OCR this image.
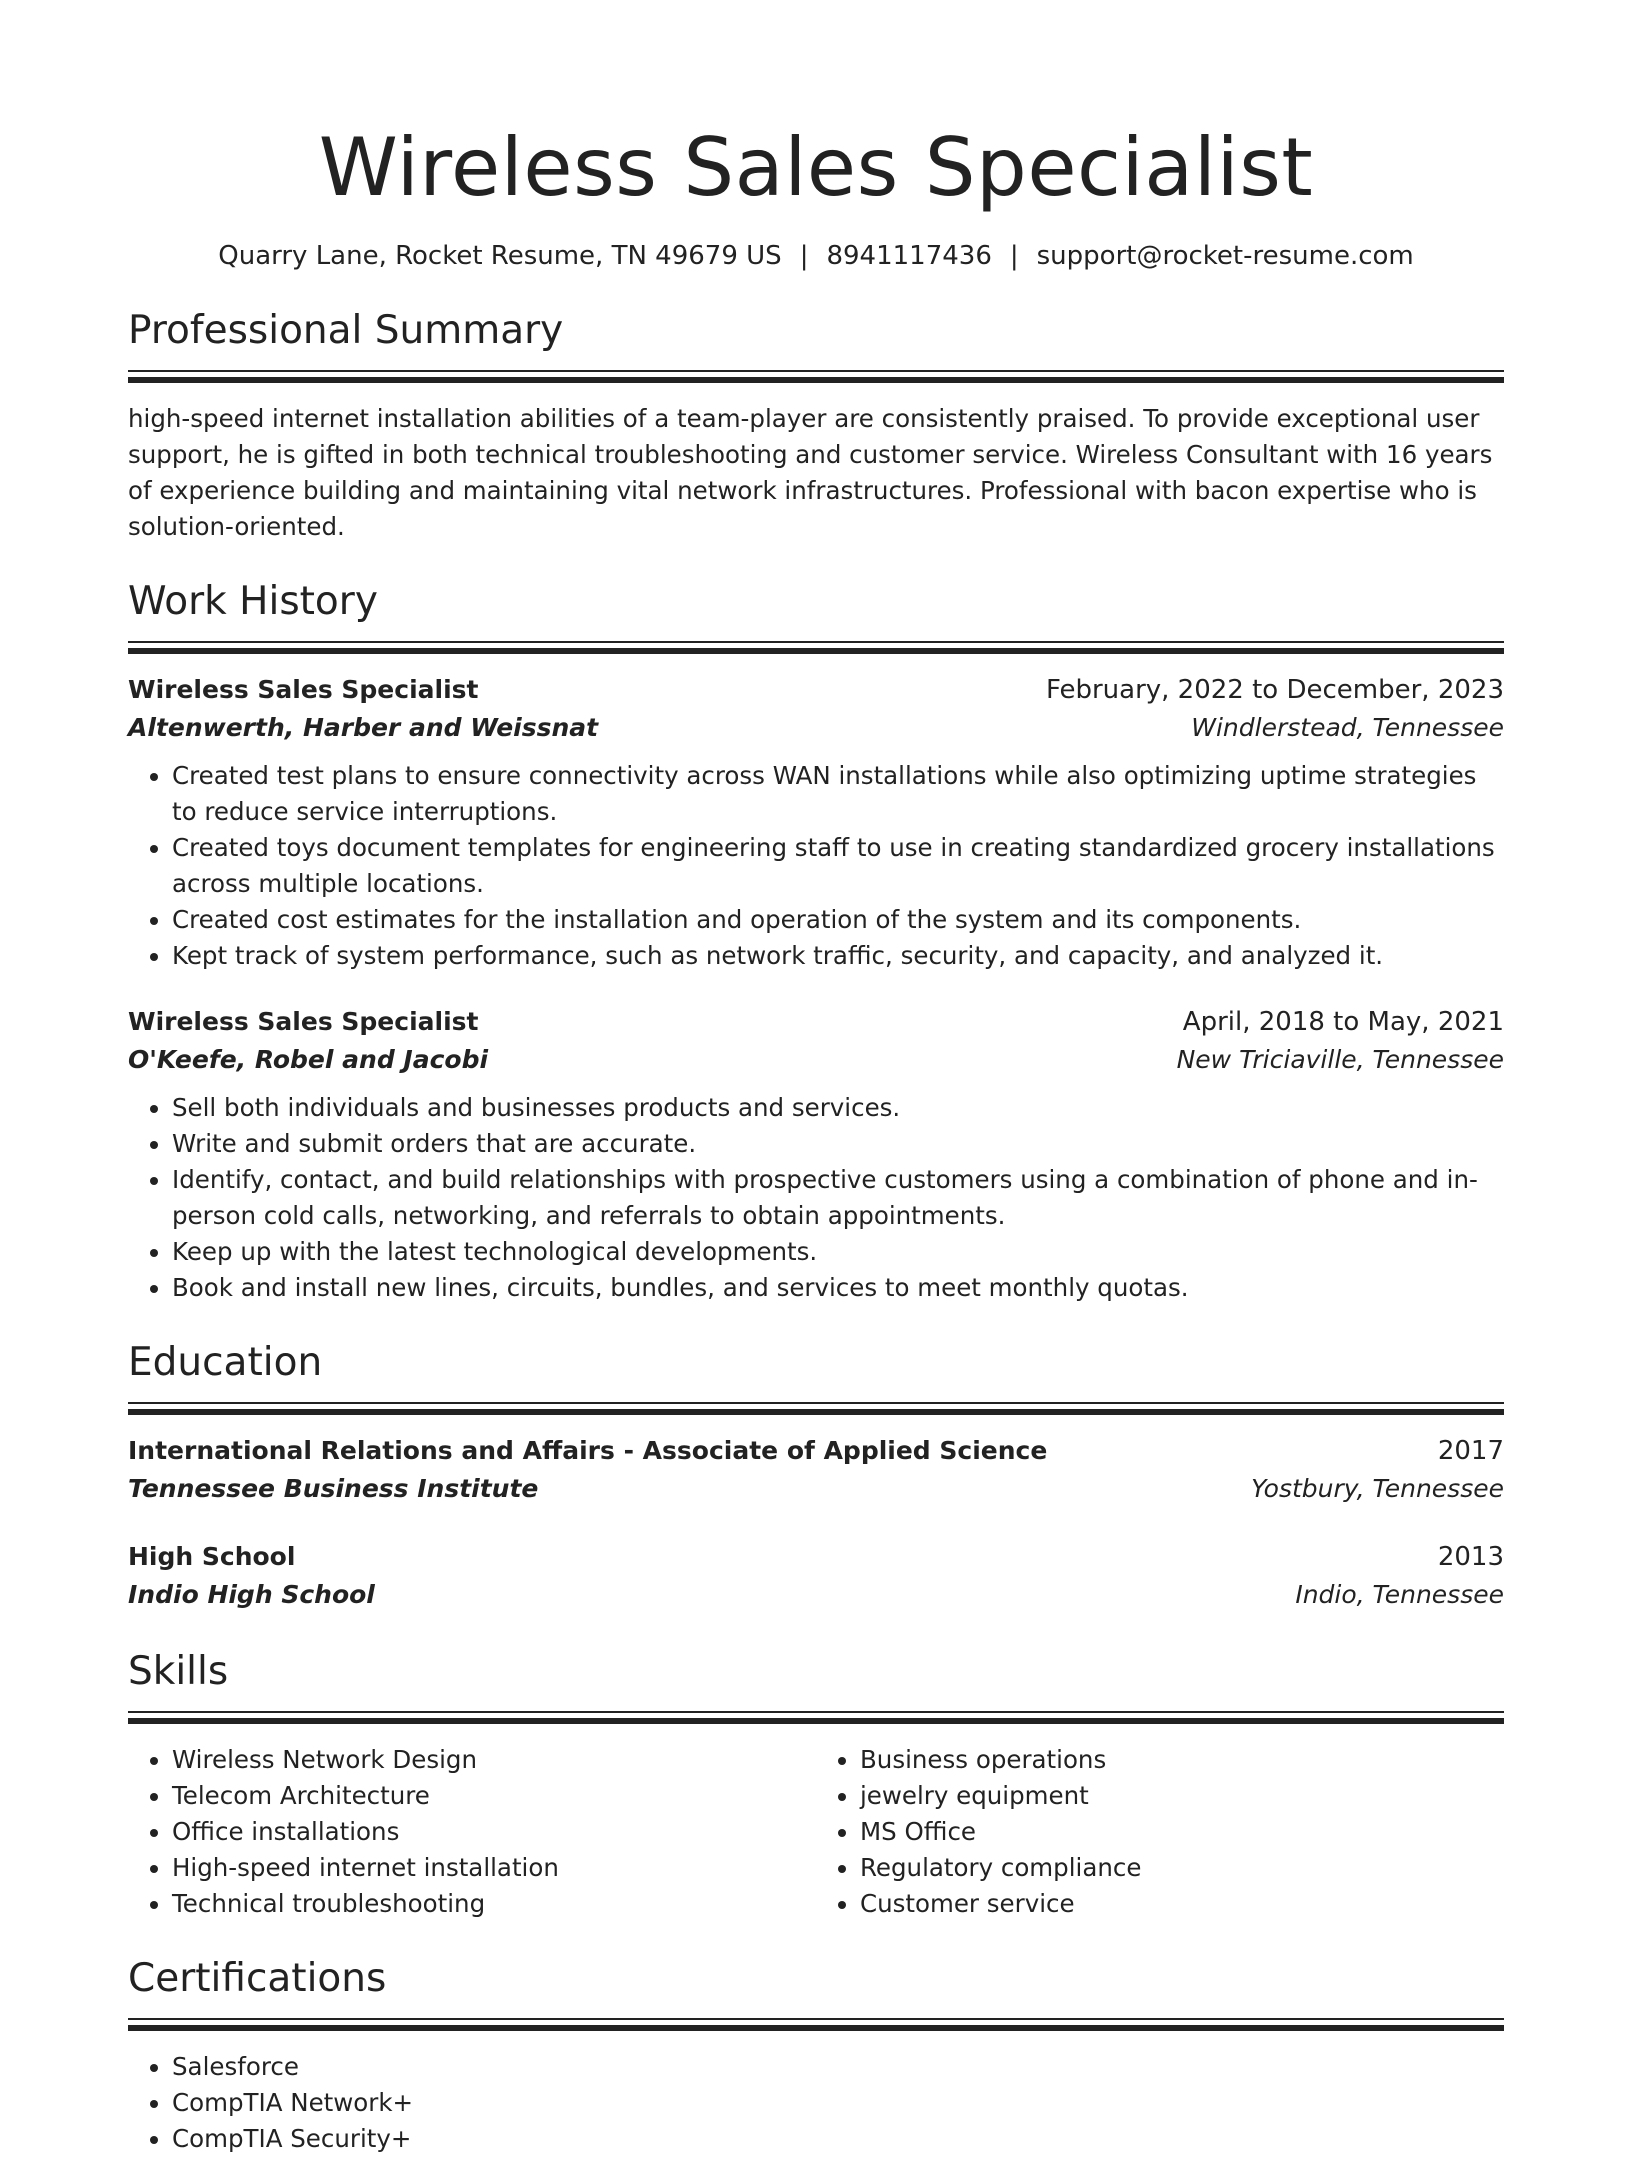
Wireless Sales Specialist
Quarry Lane, Rocket Resume, TN 49679 US | 8941117436 | support@rocket-resume.com
Professional Summary

high-speed internet installation abilities of a team-player are consistently praised. To provide exceptional user support, he is gifted in both technical troubleshooting and customer service. Wireless Consultant with 16 years of experience building and maintaining vital network infrastructures. Professional with bacon expertise who is solution-oriented.

Work History
Wireless Sales Specialist	February, 2022 to December, 2023
Altenwerth, Harber and Weissnat	Windlerstead, Tennessee
• Created test plans to ensure connectivity across WAN installations while also optimizing uptime strategies to reduce service interruptions.
• Created toys document templates for engineering staff to use in creating standardized grocery installations across multiple locations.
• Created cost estimates for the installation and operation of the system and its components.
• Kept track of system performance, such as network traffic, security, and capacity, and analyzed it.
Wireless Sales Specialist	April, 2018 to May, 2021
O'Keefe, Robel and Jacobi	New Triciaville, Tennessee
• Sell both individuals and businesses products and services.
• Write and submit orders that are accurate.
• Identify, contact, and build relationships with prospective customers using a combination of phone and in-person cold calls, networking, and referrals to obtain appointments.
• Keep up with the latest technological developments.
• Book and install new lines, circuits, bundles, and services to meet monthly quotas.
Education
International Relations and Affairs - Associate of Applied Science	2017
Tennessee Business Institute	Yostbury, Tennessee
High School	2013
Indio High School	Indio, Tennessee
Skills
• Wireless Network Design
• Telecom Architecture
• Office installations
• High-speed internet installation
• Technical troubleshooting
• Business operations
• jewelry equipment
• MS Office
• Regulatory compliance
• Customer service
Certifications
• Salesforce
• CompTIA Network+
• CompTIA Security+
